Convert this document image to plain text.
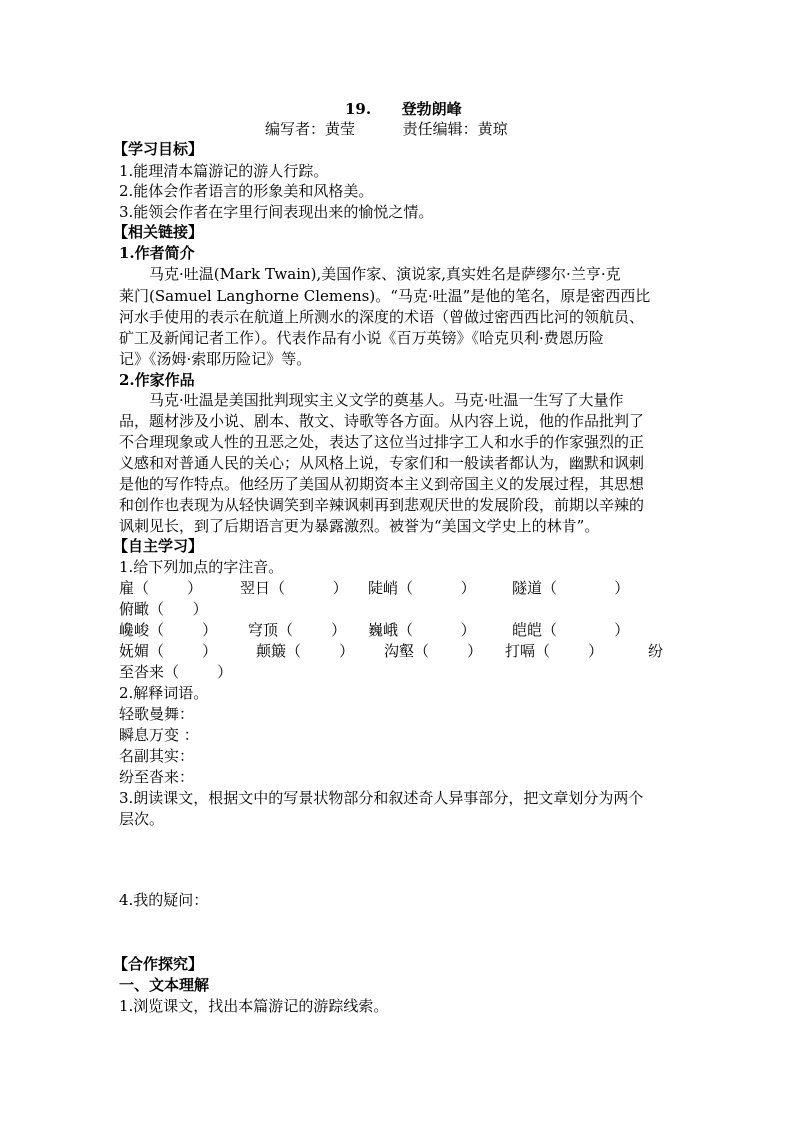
19. 登勃朗峰
编写者：黄莹          责任编辑：黄琼
【学习目标】
1.能理清本篇游记的游人行踪。
2.能体会作者语言的形象美和风格美。
3.能领会作者在字里行间表现出来的愉悦之情。
【相关链接】
1.作者简介
马克·吐温(Mark Twain),美国作家、演说家,真实姓名是萨缪尔·兰亨·克
莱门(Samuel Langhorne Clemens)。“马克·吐温”是他的笔名，原是密西西比
河水手使用的表示在航道上所测水的深度的术语（曾做过密西西比河的领航员、
矿工及新闻记者工作）。代表作品有小说《百万英镑》《哈克贝利·费恩历险
记》《汤姆·索耶历险记》等。
2.作家作品
马克·吐温是美国批判现实主义文学的奠基人。马克·吐温一生写了大量作
品，题材涉及小说、剧本、散文、诗歌等各方面。从内容上说，他的作品批判了
不合理现象或人性的丑恶之处，表达了这位当过排字工人和水手的作家强烈的正
义感和对普通人民的关心；从风格上说，专家们和一般读者都认为，幽默和讽刺
是他的写作特点。他经历了美国从初期资本主义到帝国主义的发展过程，其思想
和创作也表现为从轻快调笑到辛辣讽刺再到悲观厌世的发展阶段，前期以辛辣的
讽刺见长，到了后期语言更为暴露激烈。被誉为“美国文学史上的林肯”。
【自主学习】
1.给下列加点的字注音。
雇（        ）	翌日（          ） 陡峭（          ） 隧道（            ）
俯瞰（      ）
巉峻（        ） 穹顶（        ） 巍峨（          ） 皑皑（            ）
妩媚（        ）	颠簸（        ） 沟壑（        ） 打嗝（        ）	纷
至沓来（        ）
2.解释词语。
轻歌曼舞：
瞬息万变 ：
名副其实：
纷至沓来：
3.朗读课文，根据文中的写景状物部分和叙述奇人异事部分，把文章划分为两个
层次。
4.我的疑问：
【合作探究】
一、文本理解
1.浏览课文，找出本篇游记的游踪线索。
